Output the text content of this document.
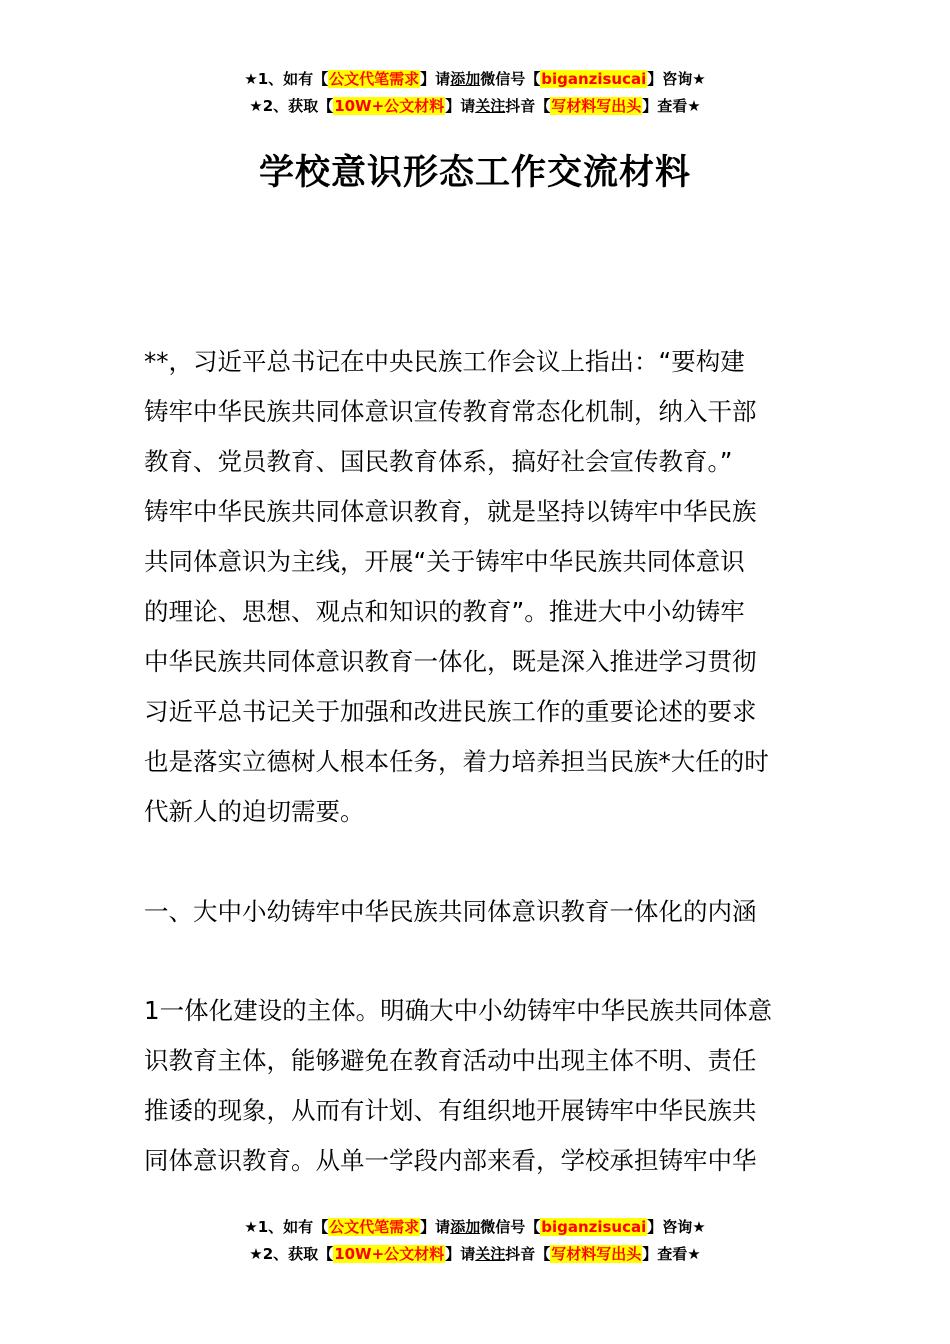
★1、如有【公文代笔需求】请添加微信号【biganzisucai】咨询★
★2、获取【10W+公文材料】请关注抖音【写材料写出头】查看★
学校意识形态工作交流材料
**，习近平总书记在中央民族工作会议上指出：“要构建
铸牢中华民族共同体意识宣传教育常态化机制，纳入干部
教育、党员教育、国民教育体系，搞好社会宣传教育。”
铸牢中华民族共同体意识教育，就是坚持以铸牢中华民族
共同体意识为主线，开展“关于铸牢中华民族共同体意识
的理论、思想、观点和知识的教育”。推进大中小幼铸牢
中华民族共同体意识教育一体化，既是深入推进学习贯彻
习近平总书记关于加强和改进民族工作的重要论述的要求
也是落实立德树人根本任务，着力培养担当民族*大任的时
代新人的迫切需要。
一、大中小幼铸牢中华民族共同体意识教育一体化的内涵
1一体化建设的主体。明确大中小幼铸牢中华民族共同体意
识教育主体，能够避免在教育活动中出现主体不明、责任
推诿的现象，从而有计划、有组织地开展铸牢中华民族共
同体意识教育。从单一学段内部来看，学校承担铸牢中华
★1、如有【公文代笔需求】请添加微信号【biganzisucai】咨询★
★2、获取【10W+公文材料】请关注抖音【写材料写出头】查看★
